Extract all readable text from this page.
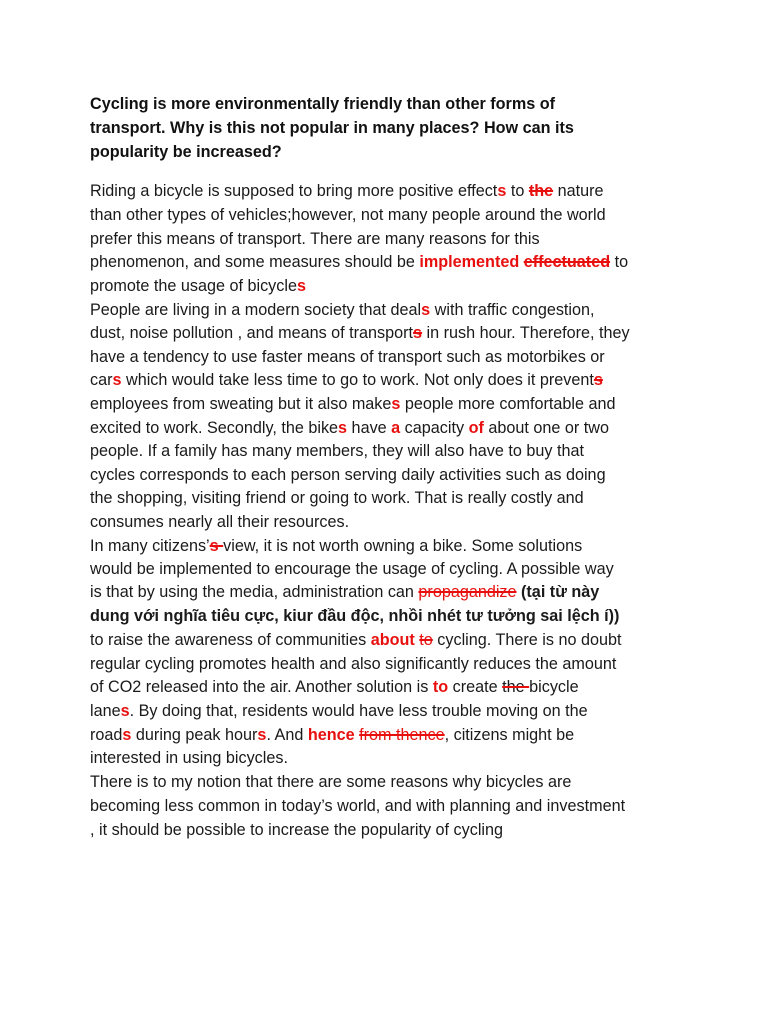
Cycling is more environmentally friendly than other forms of
transport. Why is this not popular in many places? How can its
popularity be increased?
Riding a bicycle is supposed to bring more positive effects to the nature
than other types of vehicles;however, not many people around the world
prefer this means of transport. There are many reasons for this
phenomenon, and some measures should be implemented effectuated to
promote the usage of bicycles
People are living in a modern society that deals with traffic congestion,
dust, noise pollution , and means of transports in rush hour. Therefore, they
have a tendency to use faster means of transport such as motorbikes or
cars which would take less time to go to work. Not only does it prevents
employees from sweating but it also makes people more comfortable and
excited to work. Secondly, the bikes have a capacity of about one or two
people. If a family has many members, they will also have to buy that
cycles corresponds to each person serving daily activities such as doing
the shopping, visiting friend or going to work. That is really costly and
consumes nearly all their resources.
In many citizens’s view, it is not worth owning a bike. Some solutions
would be implemented to encourage the usage of cycling. A possible way
is that by using the media, administration can propagandize (tại từ này
dung với nghĩa tiêu cực, kiur đầu độc, nhồi nhét tư tưởng sai lệch í))
to raise the awareness of communities about to cycling. There is no doubt
regular cycling promotes health and also significantly reduces the amount
of CO2 released into the air. Another solution is to create the bicycle
lanes. By doing that, residents would have less trouble moving on the
roads during peak hours. And hence from thence, citizens might be
interested in using bicycles.
There is to my notion that there are some reasons why bicycles are
becoming less common in today’s world, and with planning and investment
, it should be possible to increase the popularity of cycling
